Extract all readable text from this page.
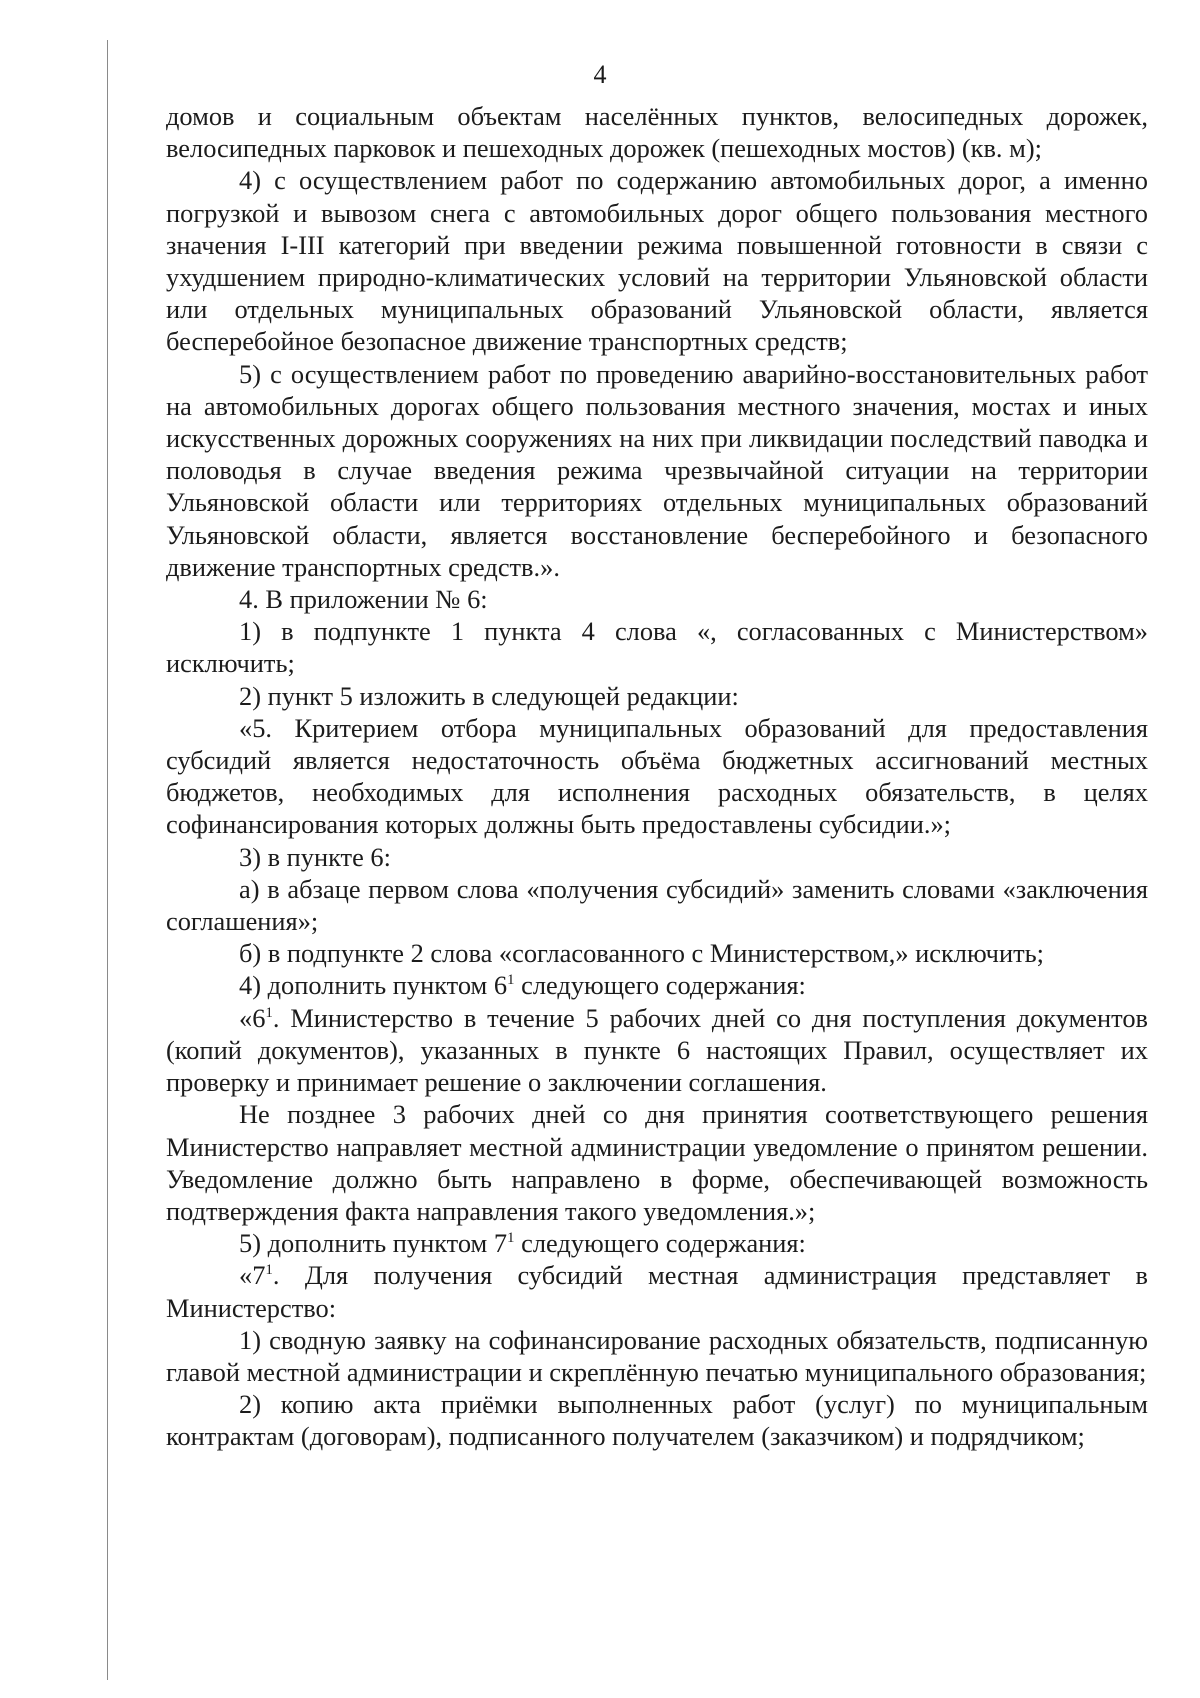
4

домов и социальным объектам населённых пунктов, велосипедных дорожек, велосипедных парковок и пешеходных дорожек (пешеходных мостов) (кв. м);

4) с осуществлением работ по содержанию автомобильных дорог, а именно погрузкой и вывозом снега с автомобильных дорог общего пользования местного значения I-III категорий при введении режима повышенной готовности в связи с ухудшением природно-климатических условий на территории Ульяновской области или отдельных муниципальных образований Ульяновской области, является бесперебойное безопасное движение транспортных средств;

5) с осуществлением работ по проведению аварийно-восстановительных работ на автомобильных дорогах общего пользования местного значения, мостах и иных искусственных дорожных сооружениях на них при ликвидации последствий паводка и половодья в случае введения режима чрезвычайной ситуации на территории Ульяновской области или территориях отдельных муниципальных образований Ульяновской области, является восстановление бесперебойного и безопасного движение транспортных средств.».

4. В приложении № 6:

1) в подпункте 1 пункта 4 слова «, согласованных с Министерством» исключить;

2) пункт 5 изложить в следующей редакции:

«5. Критерием отбора муниципальных образований для предоставления субсидий является недостаточность объёма бюджетных ассигнований местных бюджетов, необходимых для исполнения расходных обязательств, в целях софинансирования которых должны быть предоставлены субсидии.»;

3) в пункте 6:

а) в абзаце первом слова «получения субсидий» заменить словами «заключения соглашения»;

б) в подпункте 2 слова «согласованного с Министерством,» исключить;

4) дополнить пунктом $6^1$ следующего содержания:

«$6^1$. Министерство в течение 5 рабочих дней со дня поступления документов (копий документов), указанных в пункте 6 настоящих Правил, осуществляет их проверку и принимает решение о заключении соглашения.

Не позднее 3 рабочих дней со дня принятия соответствующего решения Министерство направляет местной администрации уведомление о принятом решении. Уведомление должно быть направлено в форме, обеспечивающей возможность подтверждения факта направления такого уведомления.»;

5) дополнить пунктом $7^1$ следующего содержания:

«$7^1$. Для получения субсидий местная администрация представляет в Министерство:

1) сводную заявку на софинансирование расходных обязательств, подписанную главой местной администрации и скреплённую печатью муниципального образования;

2) копию акта приёмки выполненных работ (услуг) по муниципальным контрактам (договорам), подписанного получателем (заказчиком) и подрядчиком;
